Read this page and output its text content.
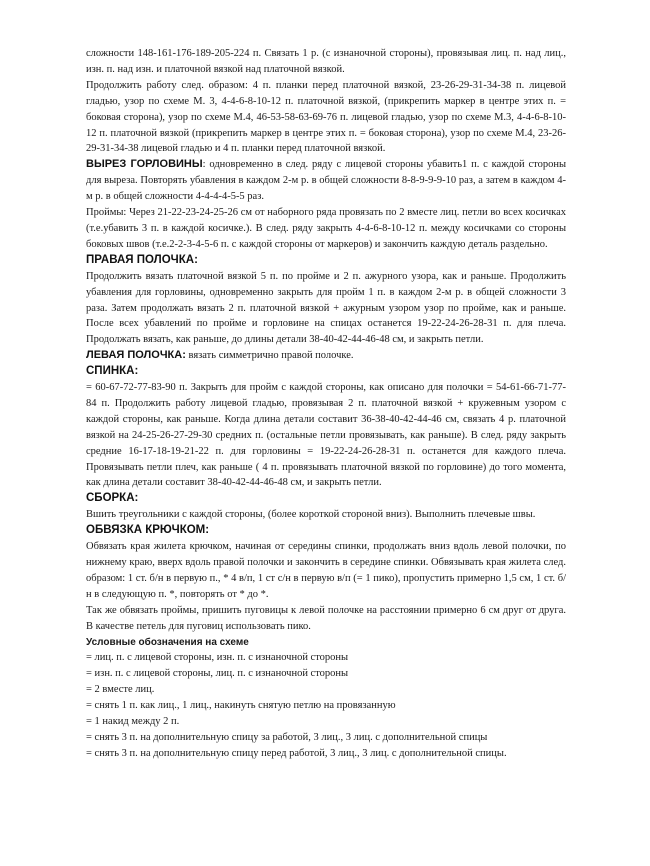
сложности 148-161-176-189-205-224 п. Связать 1 р. (с изнаночной стороны), провязывая лиц. п. над лиц., изн. п. над изн. и платочной вязкой над платочной вязкой.

Продолжить работу след. образом: 4 п. планки перед платочной вязкой, 23-26-29-31-34-38 п. лицевой гладью, узор по схеме М. 3, 4-4-6-8-10-12 п. платочной вязкой, (прикрепить маркер в центре этих п. = боковая сторона), узор по схеме М.4, 46-53-58-63-69-76 п. лицевой гладью, узор по схеме М.3, 4-4-6-8-10-12 п. платочной вязкой (прикрепить маркер в центре этих п. = боковая сторона), узор по схеме М.4, 23-26-29-31-34-38 лицевой гладью и 4 п. планки перед платочной вязкой.

ВЫРЕЗ ГОРЛОВИНЫ: одновременно в след. ряду с лицевой стороны убавить1 п. с каждой стороны для выреза. Повторять убавления в каждом 2-м р. в общей сложности 8-8-9-9-9-10 раз, а затем в каждом 4-м р. в общей сложности 4-4-4-4-5-5 раз.

Проймы: Через 21-22-23-24-25-26 см от наборного ряда провязать по 2 вместе лиц. петли во всех косичках (т.е.убавить 3 п. в каждой косичке.). В след. ряду закрыть 4-4-6-8-10-12 п. между косичками со стороны боковых швов (т.е.2-2-3-4-5-6 п. с каждой стороны от маркеров) и закончить каждую деталь раздельно.

ПРАВАЯ ПОЛОЧКА:

Продолжить вязать платочной вязкой 5 п. по пройме и 2 п. ажурного узора, как и раньше. Продолжить убавления для горловины, одновременно закрыть для пройм 1 п. в каждом 2-м р. в общей сложности 3 раза. Затем продолжать вязать 2 п. платочной вязкой + ажурным узором узор по пройме, как и раньше. После всех убавлений по пройме и горловине на спицах останется 19-22-24-26-28-31 п. для плеча. Продолжать вязать, как раньше, до длины детали 38-40-42-44-46-48 см, и закрыть петли.

ЛЕВАЯ ПОЛОЧКА: вязать симметрично правой полочке.

СПИНКА:

= 60-67-72-77-83-90 п. Закрыть для пройм с каждой стороны, как описано для полочки = 54-61-66-71-77-84 п. Продолжить работу лицевой гладью, провязывая 2 п. платочной вязкой + кружевным узором с каждой стороны, как раньше. Когда длина детали составит 36-38-40-42-44-46 см, связать 4 р. платочной вязкой на 24-25-26-27-29-30 средних п. (остальные петли провязывать, как раньше). В след. ряду закрыть средние 16-17-18-19-21-22 п. для горловины = 19-22-24-26-28-31 п. останется для каждого плеча. Провязывать петли плеч, как раньше ( 4 п. провязывать платочной вязкой по горловине) до того момента, как длина детали составит 38-40-42-44-46-48 см, и закрыть петли.

СБОРКА:

Вшить треугольники с каждой стороны, (более короткой стороной вниз). Выполнить плечевые швы.

ОБВЯЗКА КРЮЧКОМ:

Обвязать края жилета крючком, начиная от середины спинки, продолжать вниз вдоль левой полочки, по нижнему краю, вверх вдоль правой полочки и закончить в середине спинки. Обвязывать края жилета след. образом: 1 ст. б/н в первую п., * 4 в/п, 1 ст с/н в первую в/п (= 1 пико), пропустить примерно 1,5 см, 1 ст. б/н в следующую п. *, повторять от * до *.

Так же обвязать проймы, пришить пуговицы к левой полочке на расстоянии примерно 6 см друг от друга. В качестве петель для пуговиц использовать пико.

Условные обозначения на схеме

= лиц. п. с лицевой стороны, изн. п. с изнаночной стороны

= изн. п. с лицевой стороны, лиц. п. с изнаночной стороны

= 2 вместе лиц.

= снять 1 п. как лиц., 1 лиц., накинуть снятую петлю на провязанную

= 1 накид между 2 п.

= снять 3 п. на дополнительную спицу за работой, 3 лиц., 3 лиц. с дополнительной спицы

= снять 3 п. на дополнительную спицу перед работой, 3 лиц., 3 лиц. с дополнительной спицы.
